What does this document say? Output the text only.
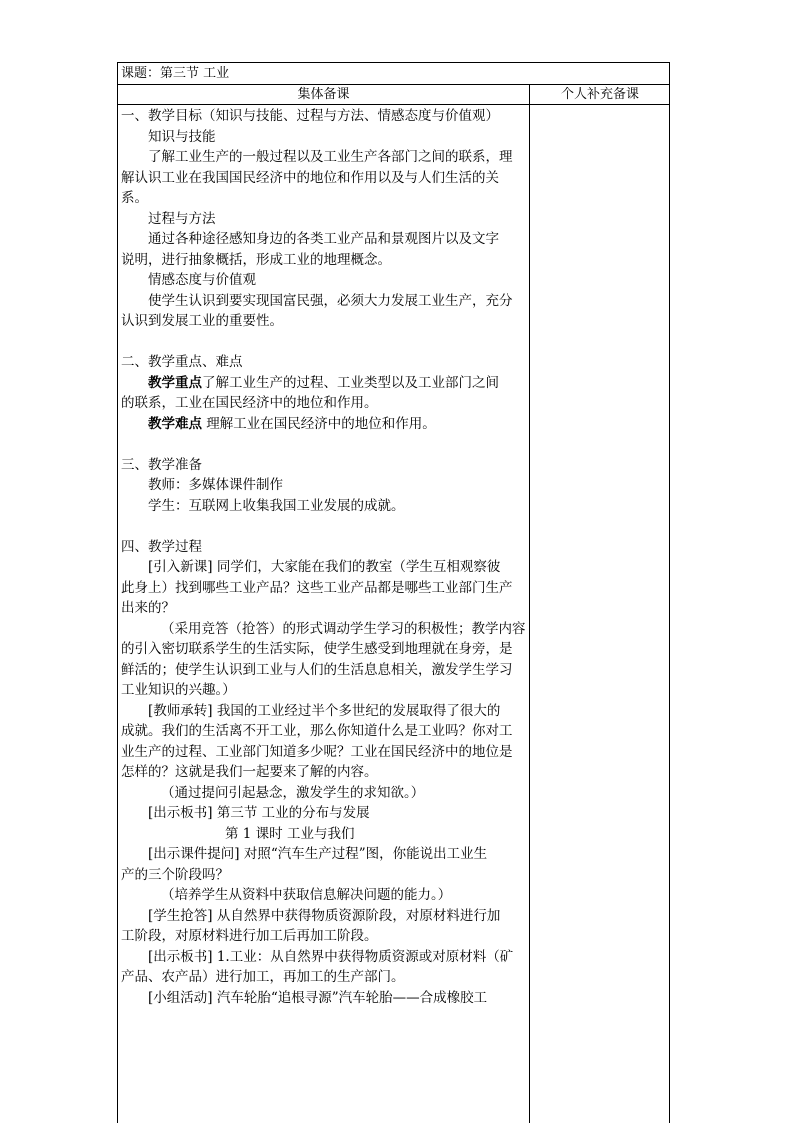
课题：第三节 工业
集体备课	个人补充备课
一、教学目标（知识与技能、过程与方法、情感态度与价值观）
知识与技能
了解工业生产的一般过程以及工业生产各部门之间的联系，理
解认识工业在我国国民经济中的地位和作用以及与人们生活的关
系。
过程与方法
通过各种途径感知身边的各类工业产品和景观图片以及文字
说明，进行抽象概括，形成工业的地理概念。
情感态度与价值观
使学生认识到要实现国富民强，必须大力发展工业生产，充分
认识到发展工业的重要性。
二、教学重点、难点
教学重点了解工业生产的过程、工业类型以及工业部门之间
的联系，工业在国民经济中的地位和作用。
教学难点 理解工业在国民经济中的地位和作用。
三、教学准备
教师：多媒体课件制作
学生：互联网上收集我国工业发展的成就。
四、教学过程
[引入新课] 同学们，大家能在我们的教室（学生互相观察彼
此身上）找到哪些工业产品？这些工业产品都是哪些工业部门生产
出来的？
（采用竞答（抢答）的形式调动学生学习的积极性；教学内容
的引入密切联系学生的生活实际，使学生感受到地理就在身旁，是
鲜活的；使学生认识到工业与人们的生活息息相关，激发学生学习
工业知识的兴趣。）
[教师承转] 我国的工业经过半个多世纪的发展取得了很大的
成就。我们的生活离不开工业，那么你知道什么是工业吗？你对工
业生产的过程、工业部门知道多少呢？工业在国民经济中的地位是
怎样的？这就是我们一起要来了解的内容。
（通过提问引起悬念，激发学生的求知欲。）
[出示板书] 第三节 工业的分布与发展
第 1 课时 工业与我们
[出示课件提问] 对照“汽车生产过程”图，你能说出工业生
产的三个阶段吗？
（培养学生从资料中获取信息解决问题的能力。）
[学生抢答] 从自然界中获得物质资源阶段，对原材料进行加
工阶段，对原材料进行加工后再加工阶段。
[出示板书] 1.工业：从自然界中获得物质资源或对原材料（矿
产品、农产品）进行加工，再加工的生产部门。
[小组活动] 汽车轮胎“追根寻源”汽车轮胎——合成橡胶工
